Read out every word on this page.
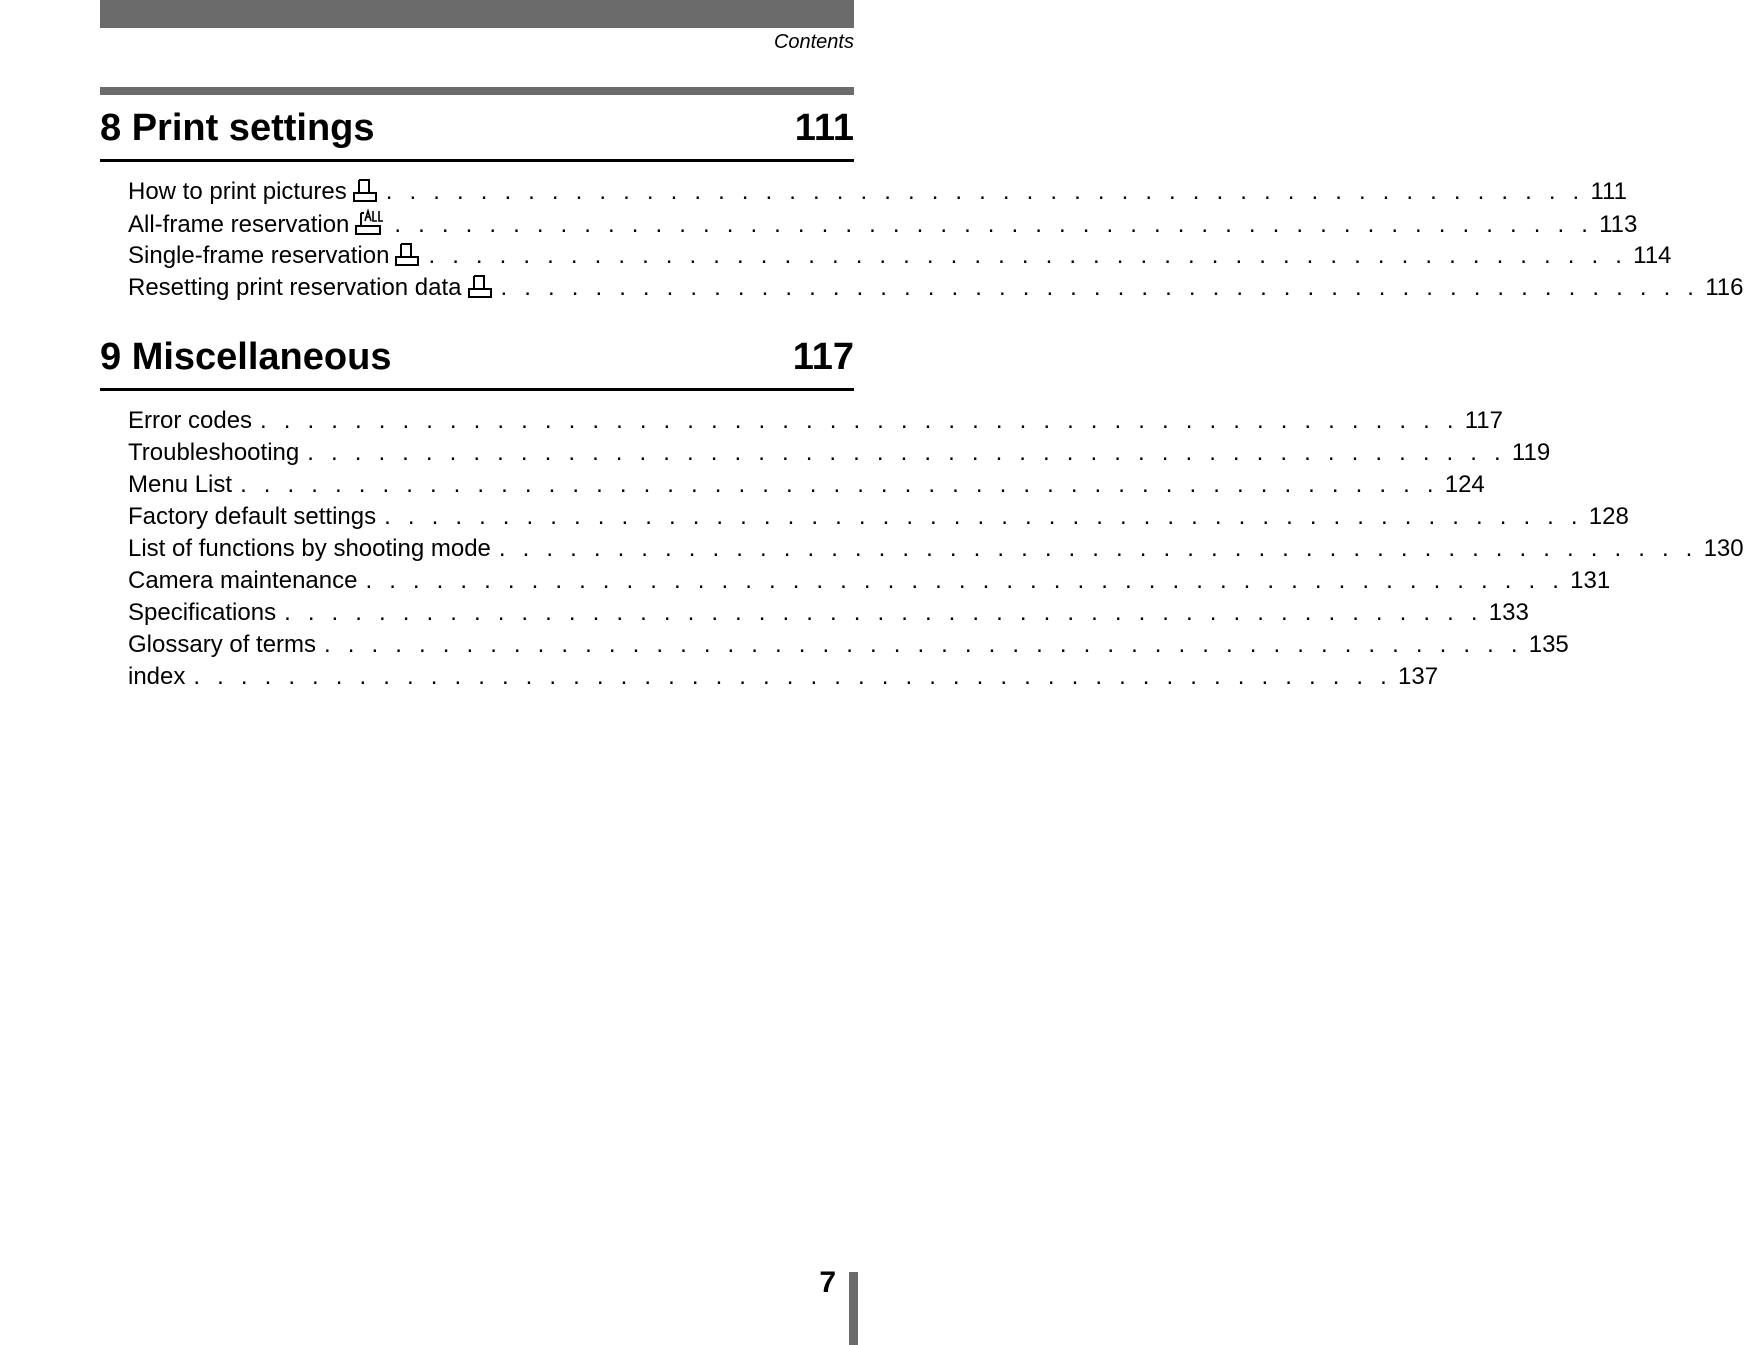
Contents
8 Print settings	111
How to print pictures	. . . . . . . . . . . . . . . . . . . . . . . . . . . . . . . . . . . . . . . . . . . . . . . . . . . 111
All-frame reservation	. . . . . . . . . . . . . . . . . . . . . . . . . . . . . . . . . . . . . . . . . . . . . . . . . . . 113
Single-frame reservation	. . . . . . . . . . . . . . . . . . . . . . . . . . . . . . . . . . . . . . . . . . . . . . . . . . . 114
Resetting print reservation data	. . . . . . . . . . . . . . . . . . . . . . . . . . . . . . . . . . . . . . . . . . . . . . . . . . . 116
9 Miscellaneous	117
Error codes . . . . . . . . . . . . . . . . . . . . . . . . . . . . . . . . . . . . . . . . . . . . . . . . . . . 117
Troubleshooting . . . . . . . . . . . . . . . . . . . . . . . . . . . . . . . . . . . . . . . . . . . . . . . . . . . 119
Menu List . . . . . . . . . . . . . . . . . . . . . . . . . . . . . . . . . . . . . . . . . . . . . . . . . . . 124
Factory default settings . . . . . . . . . . . . . . . . . . . . . . . . . . . . . . . . . . . . . . . . . . . . . . . . . . . 128
List of functions by shooting mode . . . . . . . . . . . . . . . . . . . . . . . . . . . . . . . . . . . . . . . . . . . . . . . . . . . 130
Camera maintenance . . . . . . . . . . . . . . . . . . . . . . . . . . . . . . . . . . . . . . . . . . . . . . . . . . . 131
Specifications . . . . . . . . . . . . . . . . . . . . . . . . . . . . . . . . . . . . . . . . . . . . . . . . . . . 133
Glossary of terms . . . . . . . . . . . . . . . . . . . . . . . . . . . . . . . . . . . . . . . . . . . . . . . . . . . 135
index . . . . . . . . . . . . . . . . . . . . . . . . . . . . . . . . . . . . . . . . . . . . . . . . . . . 137
7
